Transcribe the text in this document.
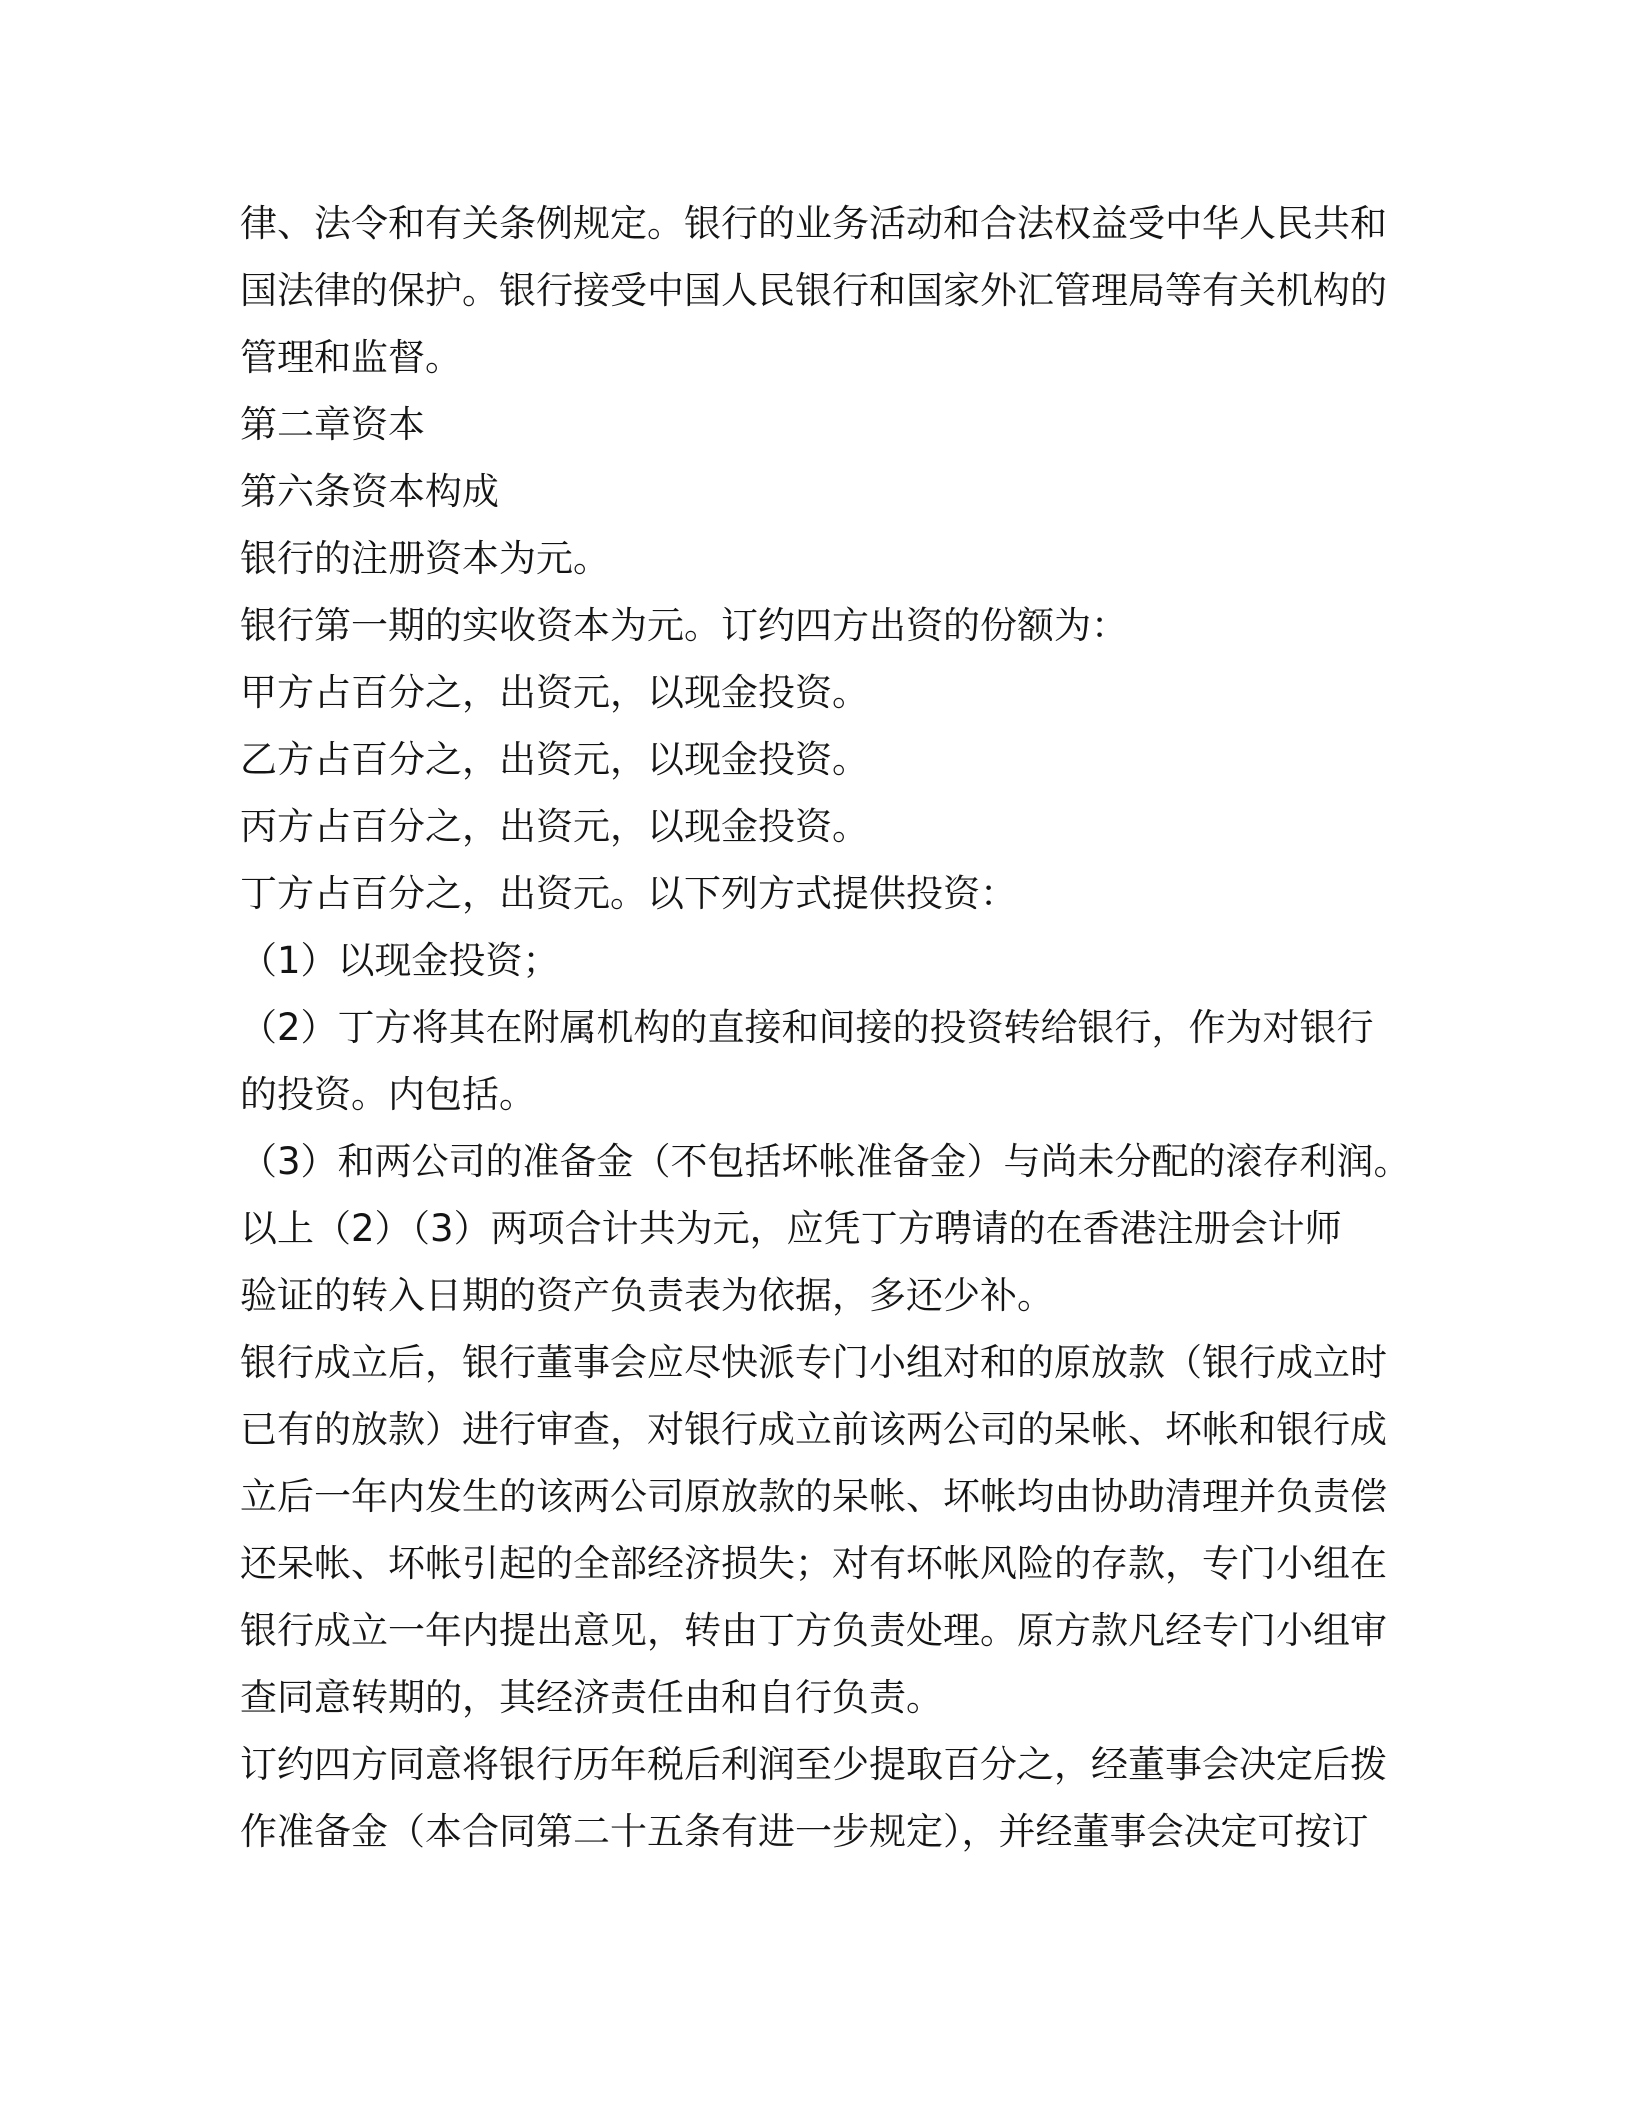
律、法令和有关条例规定。银行的业务活动和合法权益受中华人民共和
国法律的保护。银行接受中国人民银行和国家外汇管理局等有关机构的
管理和监督。
第二章资本
第六条资本构成
银行的注册资本为元。
银行第一期的实收资本为元。订约四方出资的份额为：
甲方占百分之，出资元，以现金投资。
乙方占百分之，出资元，以现金投资。
丙方占百分之，出资元，以现金投资。
丁方占百分之，出资元。以下列方式提供投资：
（1）以现金投资；
（2）丁方将其在附属机构的直接和间接的投资转给银行，作为对银行
的投资。内包括。
（3）和两公司的准备金（不包括坏帐准备金）与尚未分配的滚存利润。
以上（2）（3）两项合计共为元，应凭丁方聘请的在香港注册会计师
验证的转入日期的资产负责表为依据，多还少补。
银行成立后，银行董事会应尽快派专门小组对和的原放款（银行成立时
已有的放款）进行审查，对银行成立前该两公司的呆帐、坏帐和银行成
立后一年内发生的该两公司原放款的呆帐、坏帐均由协助清理并负责偿
还呆帐、坏帐引起的全部经济损失；对有坏帐风险的存款，专门小组在
银行成立一年内提出意见，转由丁方负责处理。原方款凡经专门小组审
查同意转期的，其经济责任由和自行负责。
订约四方同意将银行历年税后利润至少提取百分之，经董事会决定后拨
作准备金（本合同第二十五条有进一步规定），并经董事会决定可按订
